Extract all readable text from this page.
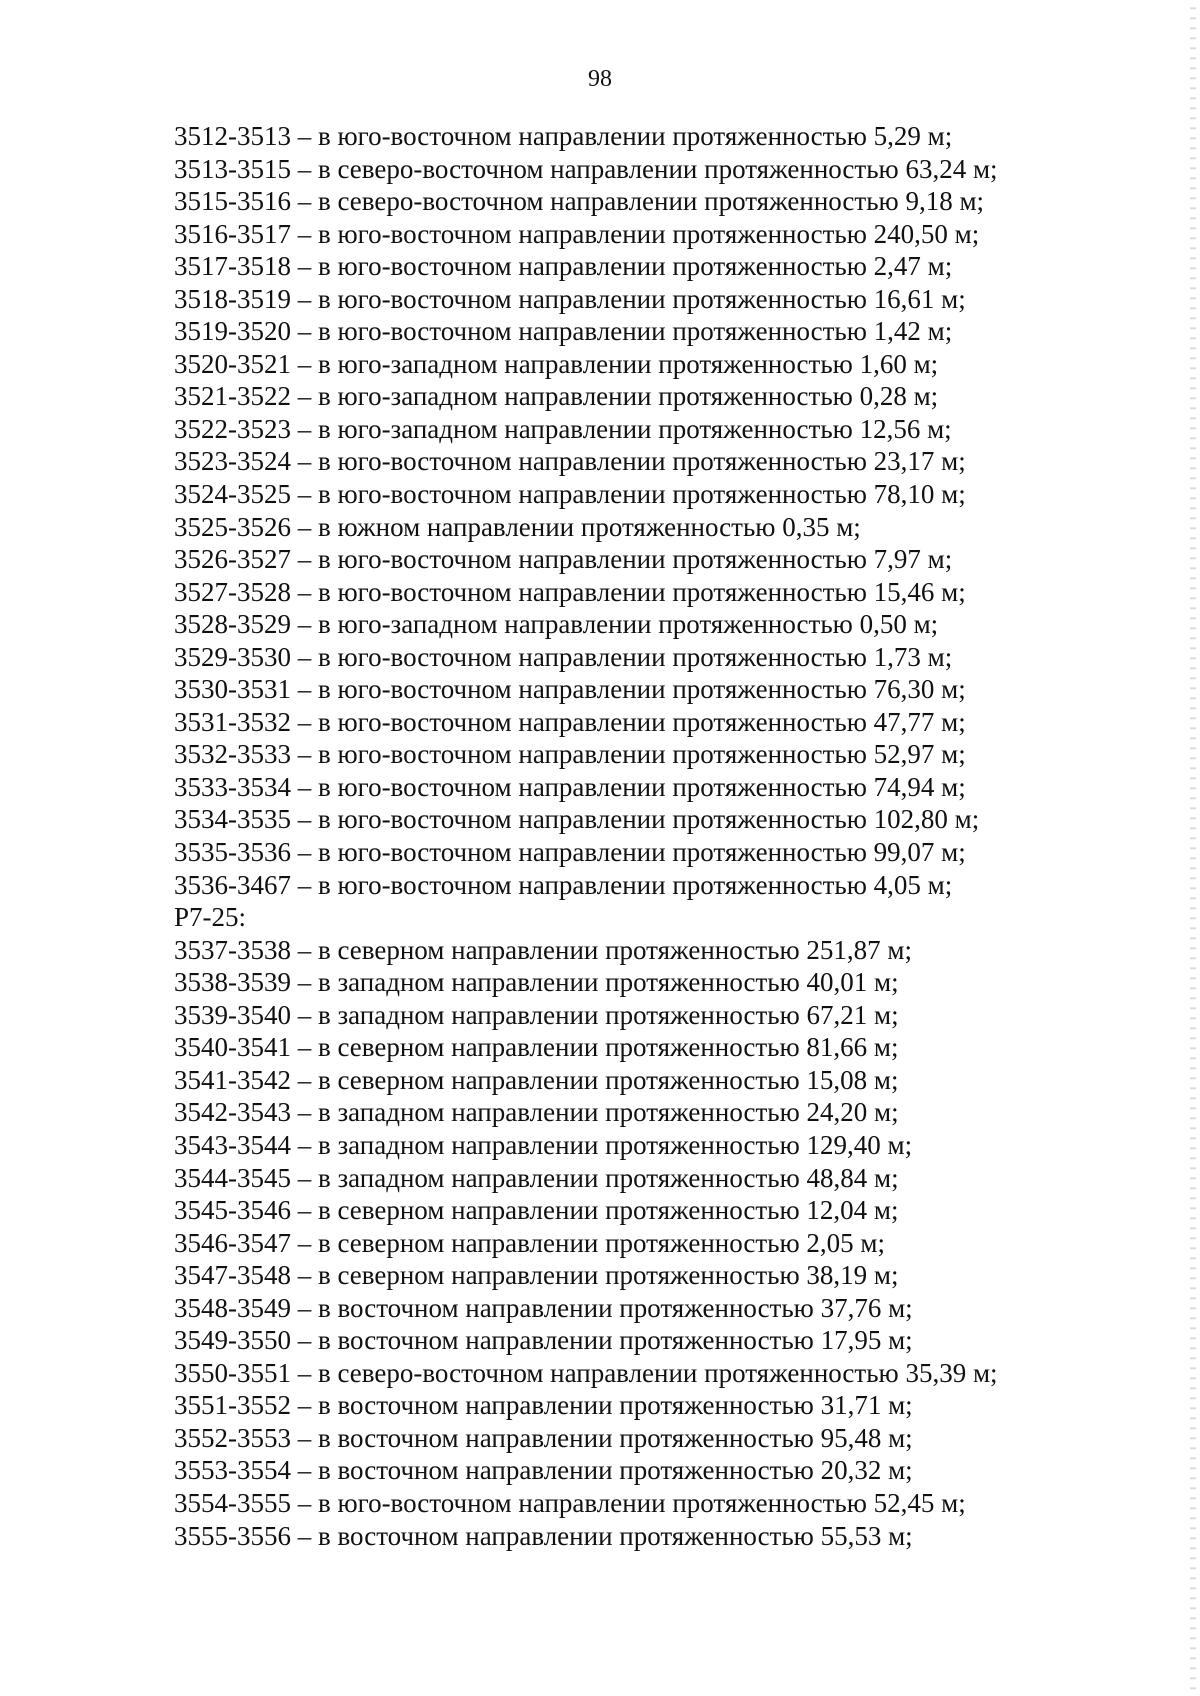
98
3512-3513 – в юго-восточном направлении протяженностью 5,29 м;
3513-3515 – в северо-восточном направлении протяженностью 63,24 м;
3515-3516 – в северо-восточном направлении протяженностью 9,18 м;
3516-3517 – в юго-восточном направлении протяженностью 240,50 м;
3517-3518 – в юго-восточном направлении протяженностью 2,47 м;
3518-3519 – в юго-восточном направлении протяженностью 16,61 м;
3519-3520 – в юго-восточном направлении протяженностью 1,42 м;
3520-3521 – в юго-западном направлении протяженностью 1,60 м;
3521-3522 – в юго-западном направлении протяженностью 0,28 м;
3522-3523 – в юго-западном направлении протяженностью 12,56 м;
3523-3524 – в юго-восточном направлении протяженностью 23,17 м;
3524-3525 – в юго-восточном направлении протяженностью 78,10 м;
3525-3526 – в южном направлении протяженностью 0,35 м;
3526-3527 – в юго-восточном направлении протяженностью 7,97 м;
3527-3528 – в юго-восточном направлении протяженностью 15,46 м;
3528-3529 – в юго-западном направлении протяженностью 0,50 м;
3529-3530 – в юго-восточном направлении протяженностью 1,73 м;
3530-3531 – в юго-восточном направлении протяженностью 76,30 м;
3531-3532 – в юго-восточном направлении протяженностью 47,77 м;
3532-3533 – в юго-восточном направлении протяженностью 52,97 м;
3533-3534 – в юго-восточном направлении протяженностью 74,94 м;
3534-3535 – в юго-восточном направлении протяженностью 102,80 м;
3535-3536 – в юго-восточном направлении протяженностью 99,07 м;
3536-3467 – в юго-восточном направлении протяженностью 4,05 м;
Р7-25:
3537-3538 – в северном направлении протяженностью 251,87 м;
3538-3539 – в западном направлении протяженностью 40,01 м;
3539-3540 – в западном направлении протяженностью 67,21 м;
3540-3541 – в северном направлении протяженностью 81,66 м;
3541-3542 – в северном направлении протяженностью 15,08 м;
3542-3543 – в западном направлении протяженностью 24,20 м;
3543-3544 – в западном направлении протяженностью 129,40 м;
3544-3545 – в западном направлении протяженностью 48,84 м;
3545-3546 – в северном направлении протяженностью 12,04 м;
3546-3547 – в северном направлении протяженностью 2,05 м;
3547-3548 – в северном направлении протяженностью 38,19 м;
3548-3549 – в восточном направлении протяженностью 37,76 м;
3549-3550 – в восточном направлении протяженностью 17,95 м;
3550-3551 – в северо-восточном направлении протяженностью 35,39 м;
3551-3552 – в восточном направлении протяженностью 31,71 м;
3552-3553 – в восточном направлении протяженностью 95,48 м;
3553-3554 – в восточном направлении протяженностью 20,32 м;
3554-3555 – в юго-восточном направлении протяженностью 52,45 м;
3555-3556 – в восточном направлении протяженностью 55,53 м;
